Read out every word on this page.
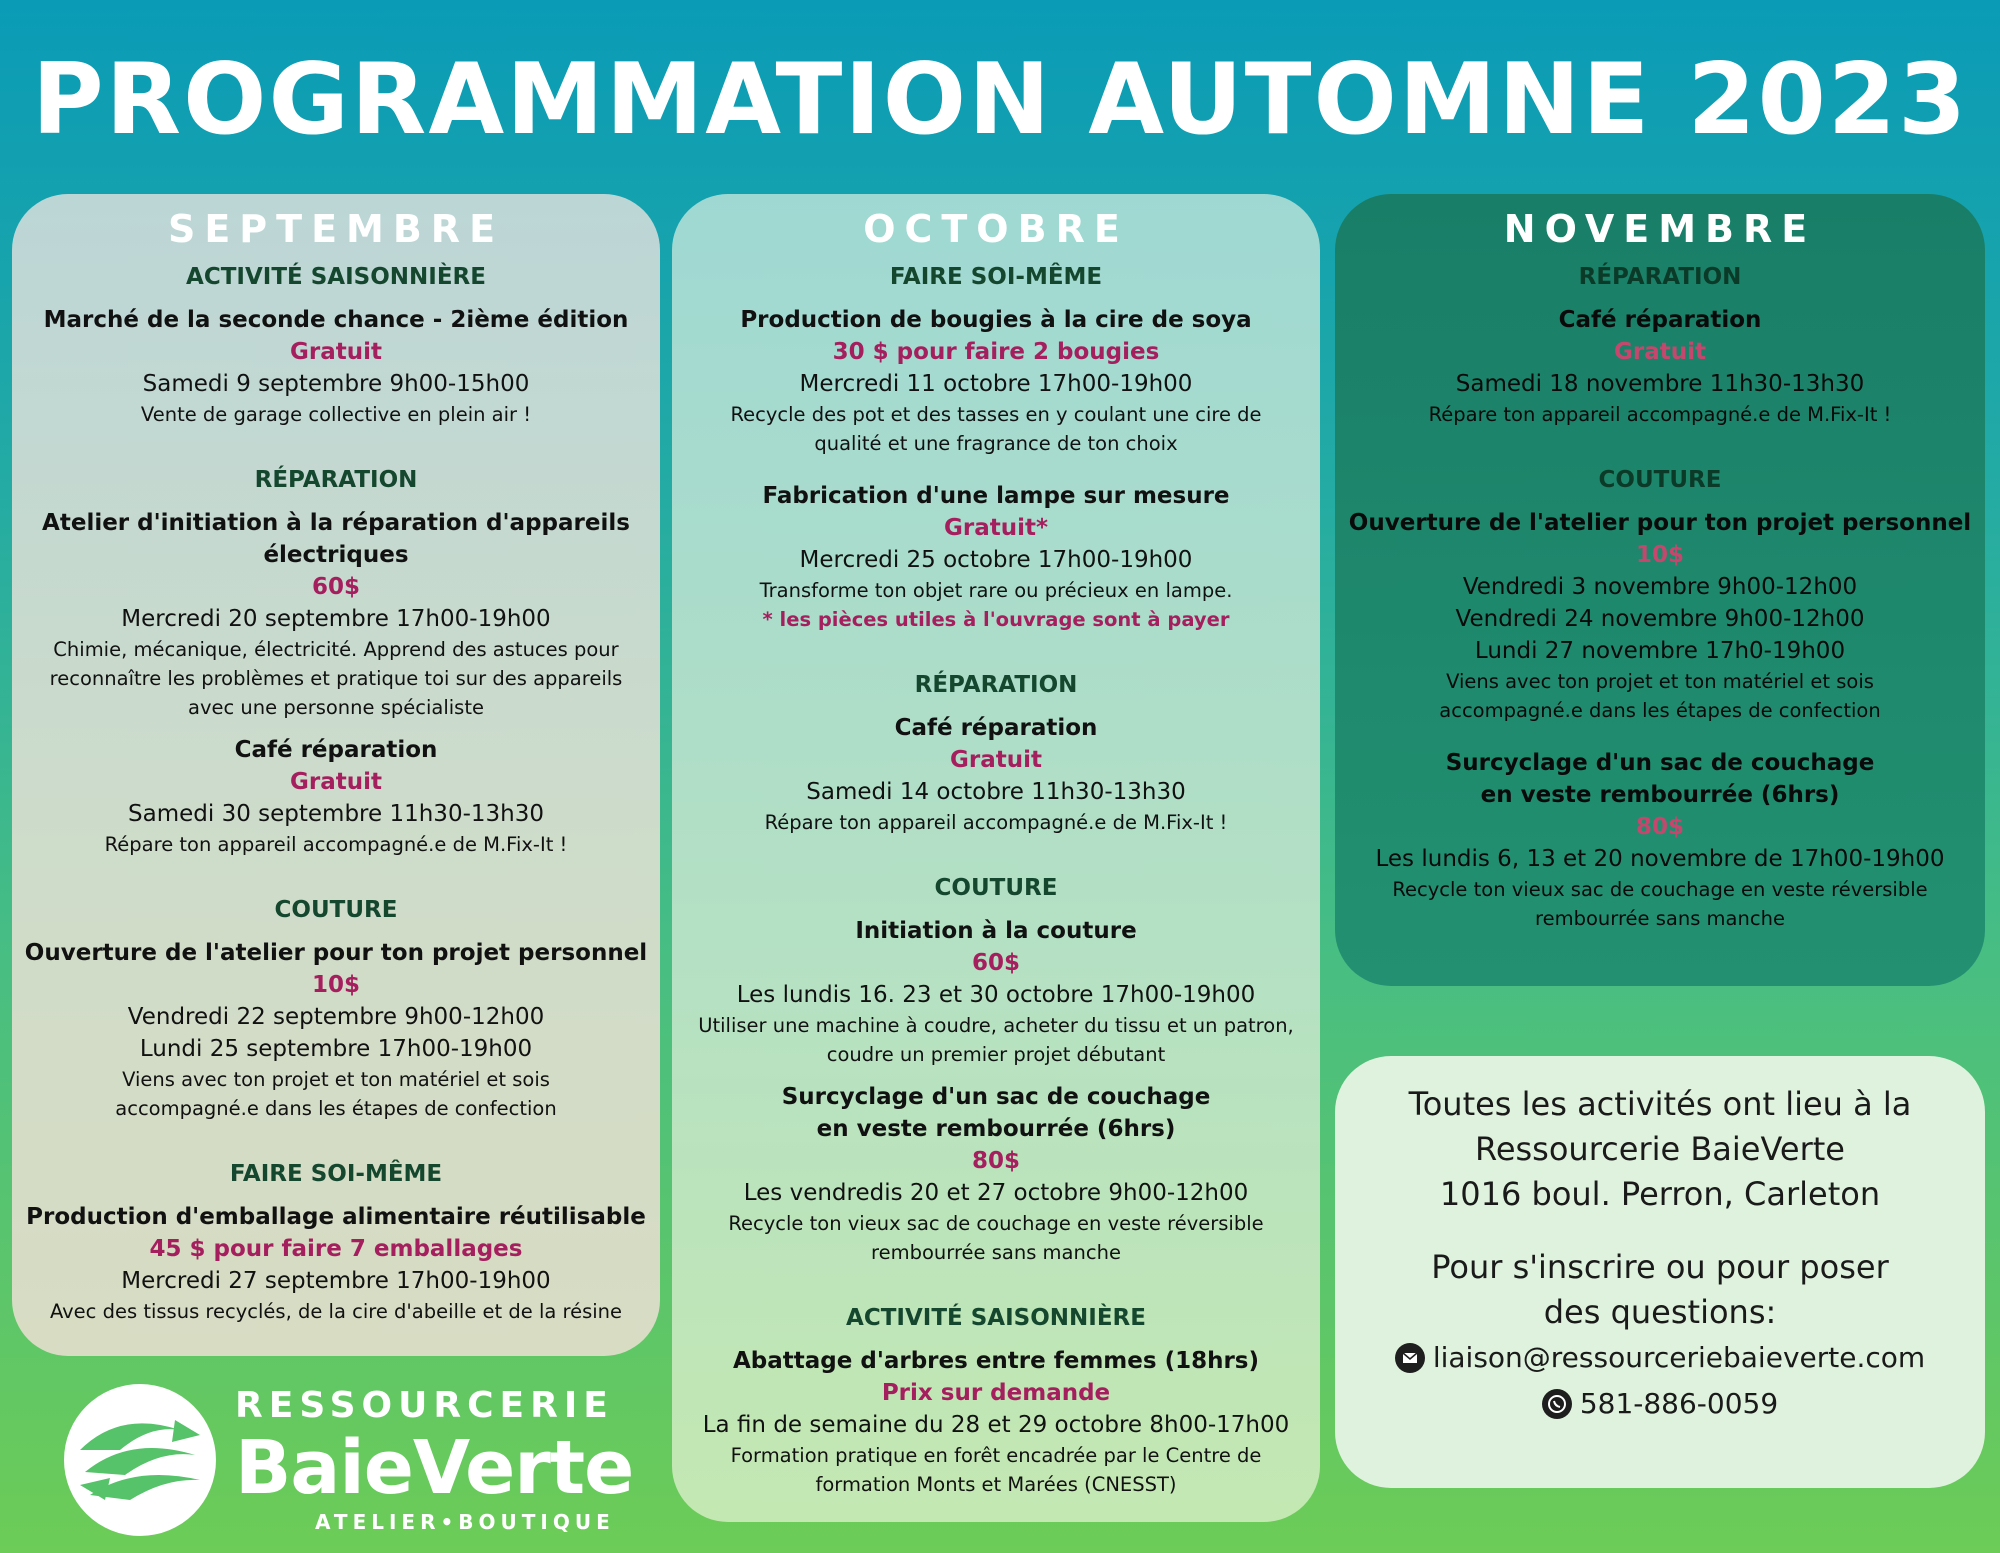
PROGRAMMATION AUTOMNE 2023
SEPTEMBRE
ACTIVITÉ SAISONNIÈRE
Marché de la seconde chance - 2ième édition
Gratuit
Samedi 9 septembre 9h00-15h00
Vente de garage collective en plein air !
RÉPARATION
Atelier d'initiation à la réparation d'appareils
électriques
60$
Mercredi 20 septembre 17h00-19h00
Chimie, mécanique, électricité. Apprend des astuces pour
reconnaître les problèmes et pratique toi sur des appareils
avec une personne spécialiste
Café réparation
Gratuit
Samedi 30 septembre 11h30-13h30
Répare ton appareil accompagné.e de M.Fix-It !
COUTURE
Ouverture de l'atelier pour ton projet personnel
10$
Vendredi 22 septembre 9h00-12h00
Lundi 25 septembre 17h00-19h00
Viens avec ton projet et ton matériel et sois
accompagné.e dans les étapes de confection
FAIRE SOI-MÊME
Production d'emballage alimentaire réutilisable
45 $ pour faire 7 emballages
Mercredi 27 septembre 17h00-19h00
Avec des tissus recyclés, de la cire d'abeille et de la résine
OCTOBRE
FAIRE SOI-MÊME
Production de bougies à la cire de soya
30 $ pour faire 2 bougies
Mercredi 11 octobre 17h00-19h00
Recycle des pot et des tasses en y coulant une cire de
qualité et une fragrance de ton choix
Fabrication d'une lampe sur mesure
Gratuit*
Mercredi 25 octobre 17h00-19h00
Transforme ton objet rare ou précieux en lampe.
* les pièces utiles à l'ouvrage sont à payer
RÉPARATION
Café réparation
Gratuit
Samedi 14 octobre 11h30-13h30
Répare ton appareil accompagné.e de M.Fix-It !
COUTURE
Initiation à la couture
60$
Les lundis 16. 23 et 30 octobre 17h00-19h00
Utiliser une machine à coudre, acheter du tissu et un patron,
coudre un premier projet débutant
Surcyclage d'un sac de couchage
en veste rembourrée (6hrs)
80$
Les vendredis 20 et 27 octobre 9h00-12h00
Recycle ton vieux sac de couchage en veste réversible
rembourrée sans manche
ACTIVITÉ SAISONNIÈRE
Abattage d'arbres entre femmes (18hrs)
Prix sur demande
La fin de semaine du 28 et 29 octobre 8h00-17h00
Formation pratique en forêt encadrée par le Centre de
formation Monts et Marées (CNESST)
NOVEMBRE
RÉPARATION
Café réparation
Gratuit
Samedi 18 novembre 11h30-13h30
Répare ton appareil accompagné.e de M.Fix-It !
COUTURE
Ouverture de l'atelier pour ton projet personnel
10$
Vendredi 3 novembre 9h00-12h00
Vendredi 24 novembre 9h00-12h00
Lundi 27 novembre 17h0-19h00
Viens avec ton projet et ton matériel et sois
accompagné.e dans les étapes de confection
Surcyclage d'un sac de couchage
en veste rembourrée (6hrs)
80$
Les lundis 6, 13 et 20 novembre de 17h00-19h00
Recycle ton vieux sac de couchage en veste réversible
rembourrée sans manche
Toutes les activités ont lieu à la
Ressourcerie BaieVerte
1016 boul. Perron, Carleton
Pour s'inscrire ou pour poser
des questions:
liaison@ressourceriebaieverte.com
581-886-0059
RESSOURCERIE
BaieVerte
ATELIER•BOUTIQUE
